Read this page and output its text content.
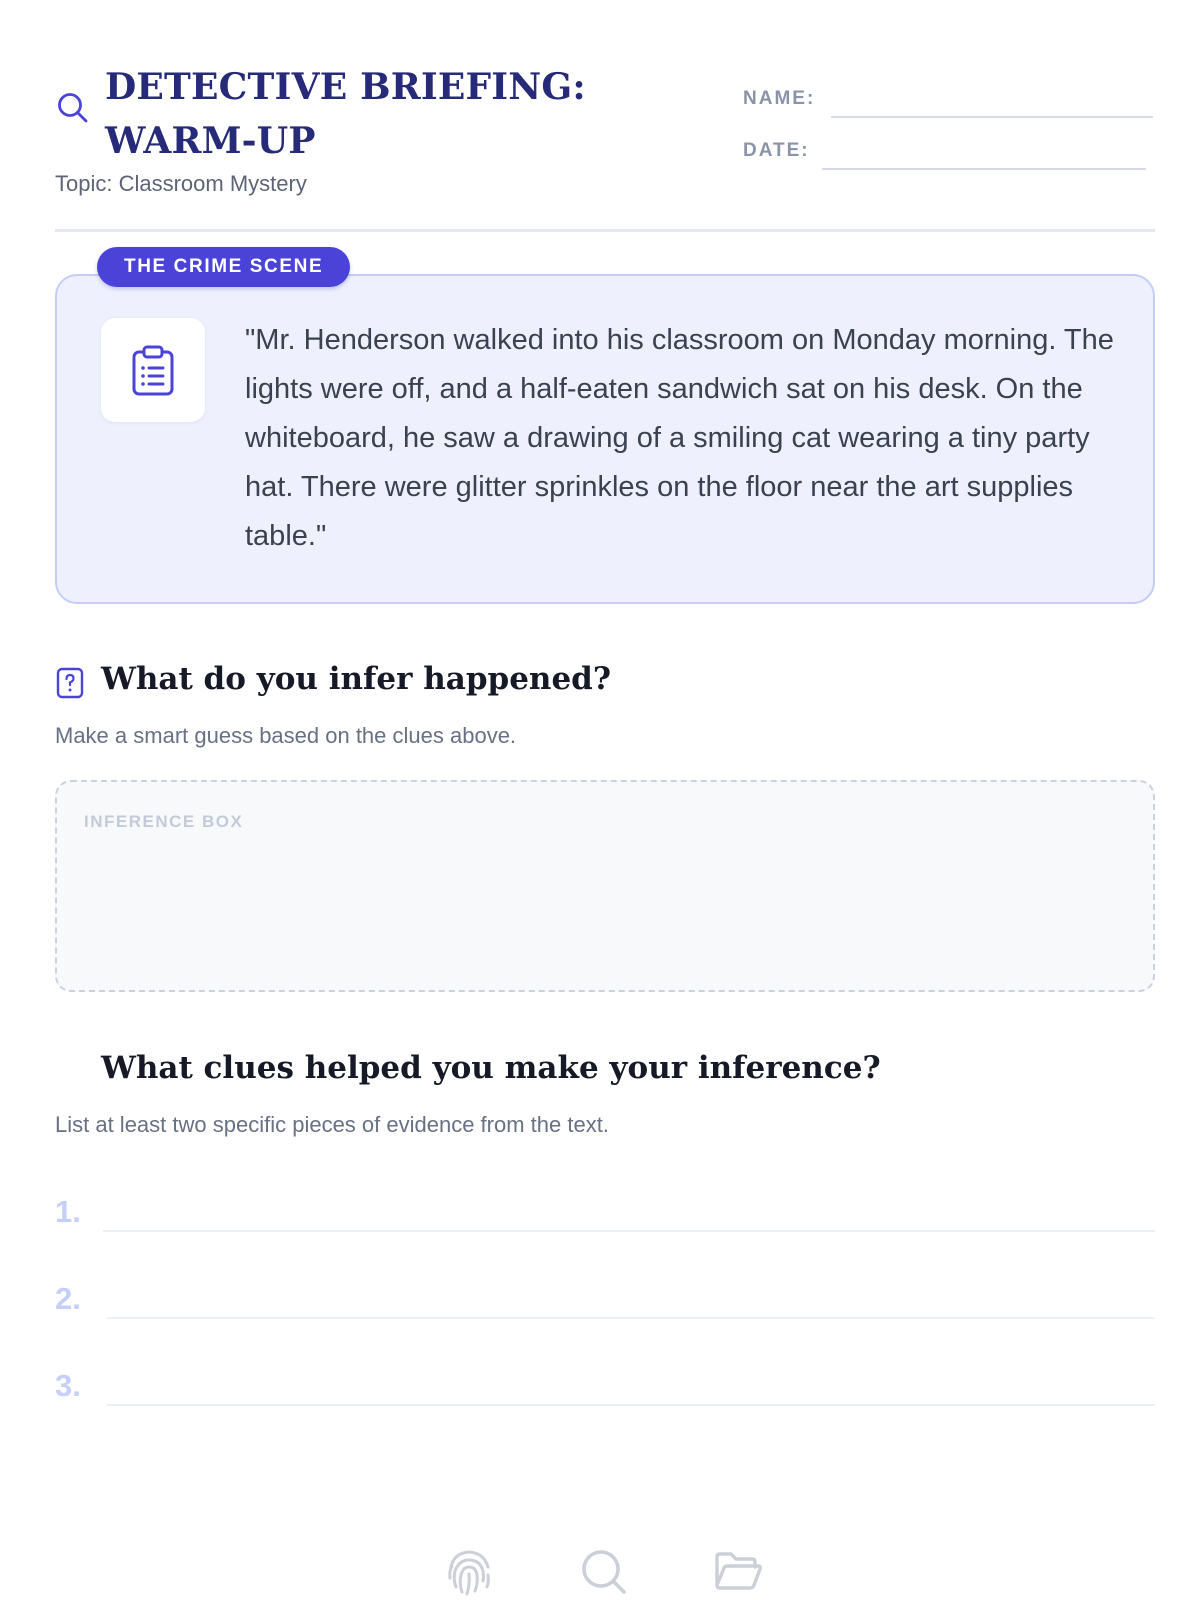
DETECTIVE BRIEFING: WARM-UP
Topic: Classroom Mystery
NAME:
DATE:
"Mr. Henderson walked into his classroom on Monday morning. The lights were off, and a half-eaten sandwich sat on his desk. On the whiteboard, he saw a drawing of a smiling cat wearing a tiny party hat. There were glitter sprinkles on the floor near the art supplies table."
THE CRIME SCENE
What do you infer happened?
Make a smart guess based on the clues above.
INFERENCE BOX
What clues helped you make your inference?
List at least two specific pieces of evidence from the text.
1.
2.
3.
